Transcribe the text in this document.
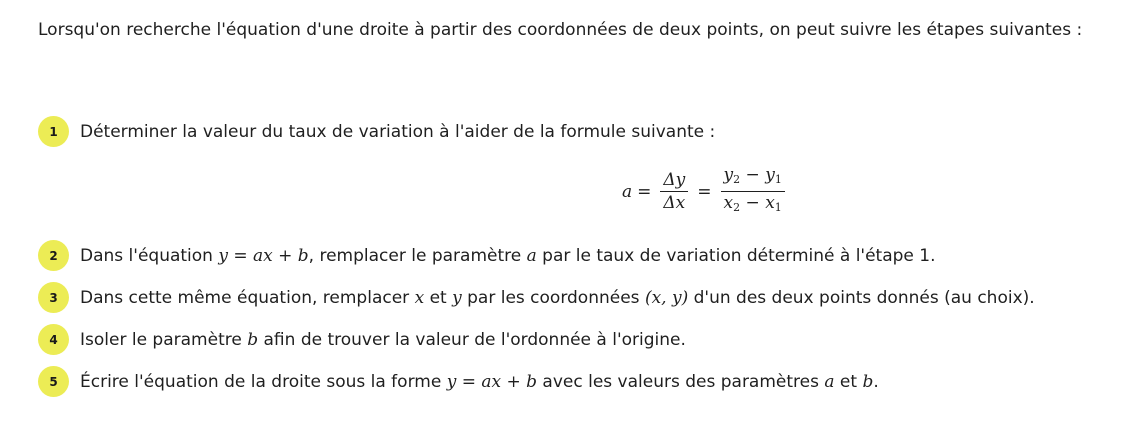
Lorsqu'on recherche l'équation d'une droite à partir des coordonnées de deux points, on peut suivre les étapes suivantes :
1	Déterminer la valeur du taux de variation à l'aider de la formule suivante :
$a = \frac{\Delta y}{\Delta x} = \frac{y_2 - y_1}{x_2 - x_1}$
2	Dans l'équation y = ax + b, remplacer le paramètre a par le taux de variation déterminé à l'étape 1.
3	Dans cette même équation, remplacer x et y par les coordonnées (x, y) d'un des deux points donnés (au choix).
4	Isoler le paramètre b afin de trouver la valeur de l'ordonnée à l'origine.
5	Écrire l'équation de la droite sous la forme y = ax + b avec les valeurs des paramètres a et b.
